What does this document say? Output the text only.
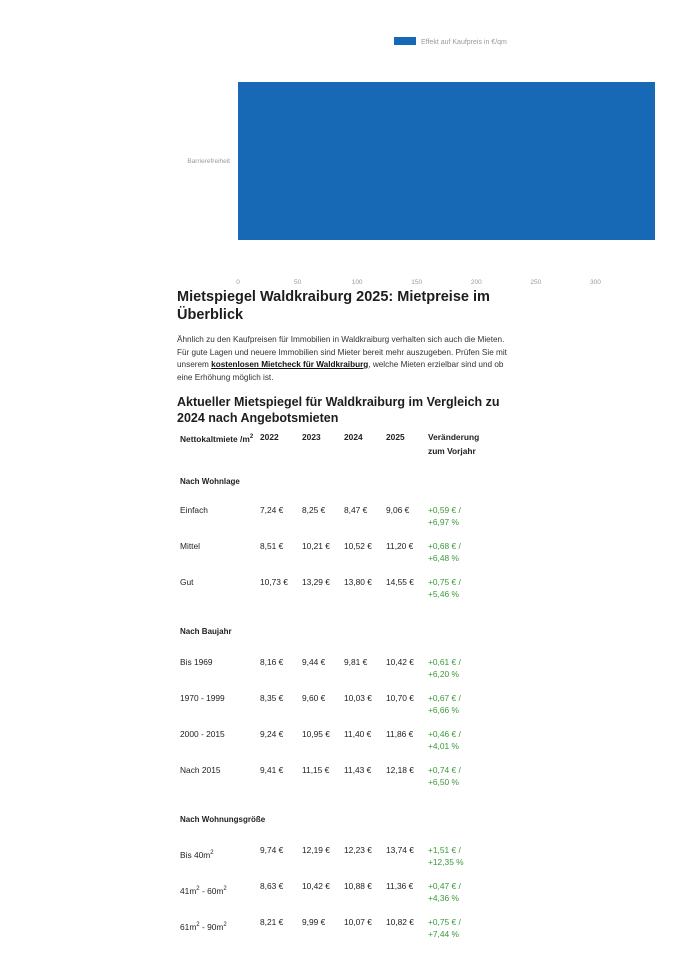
Effekt auf Kaufpreis in €/qm
Barrierefreiheit
0	50	100	150	200	250	300
Mietspiegel Waldkraiburg 2025: Mietpreise im Überblick

Ähnlich zu den Kaufpreisen für Immobilien in Waldkraiburg verhalten sich auch die Mieten. Für gute Lagen und neuere Immobilien sind Mieter bereit mehr auszugeben. Prüfen Sie mit unserem kostenlosen Mietcheck für Waldkraiburg, welche Mieten erzielbar sind und ob eine Erhöhung möglich ist.

Aktueller Mietspiegel für Waldkraiburg im Vergleich zu 2024 nach Angebotsmieten
Nettokaltmiete $/m^2$	2022	2023	2024	2025	Veränderung zum Vorjahr
Nach Wohnlage					
Einfach	7,24 €	8,25 €	8,47 €	9,06 €	+0,59 € /
+6,97 %

Mittel	8,51 €	10,21 €	10,52 €	11,20 €	+0,68 € /
+6,48 %

Gut	10,73 €	13,29 €	13,80 €	14,55 €	+0,75 € /
+5,46 %

Nach Baujahr					
Bis 1969	8,16 €	9,44 €	9,81 €	10,42 €	+0,61 € /
+6,20 %

1970 - 1999	8,35 €	9,60 €	10,03 €	10,70 €	+0,67 € /
+6,66 %

2000 - 2015	9,24 €	10,95 €	11,40 €	11,86 €	+0,46 € /
+4,01 %

Nach 2015	9,41 €	11,15 €	11,43 €	12,18 €	+0,74 € /
+6,50 %

Nach Wohnungsgröße					
Bis $40m^2$	9,74 €	12,19 €	12,23 €	13,74 €	+1,51 € /
+12,35 %

$41m^2 - 60m^2$	8,63 €	10,42 €	10,88 €	11,36 €	+0,47 € /
+4,36 %

$61m^2 - 90m^2$	8,21 €	9,99 €	10,07 €	10,82 €	+0,75 € /
+7,44 %
